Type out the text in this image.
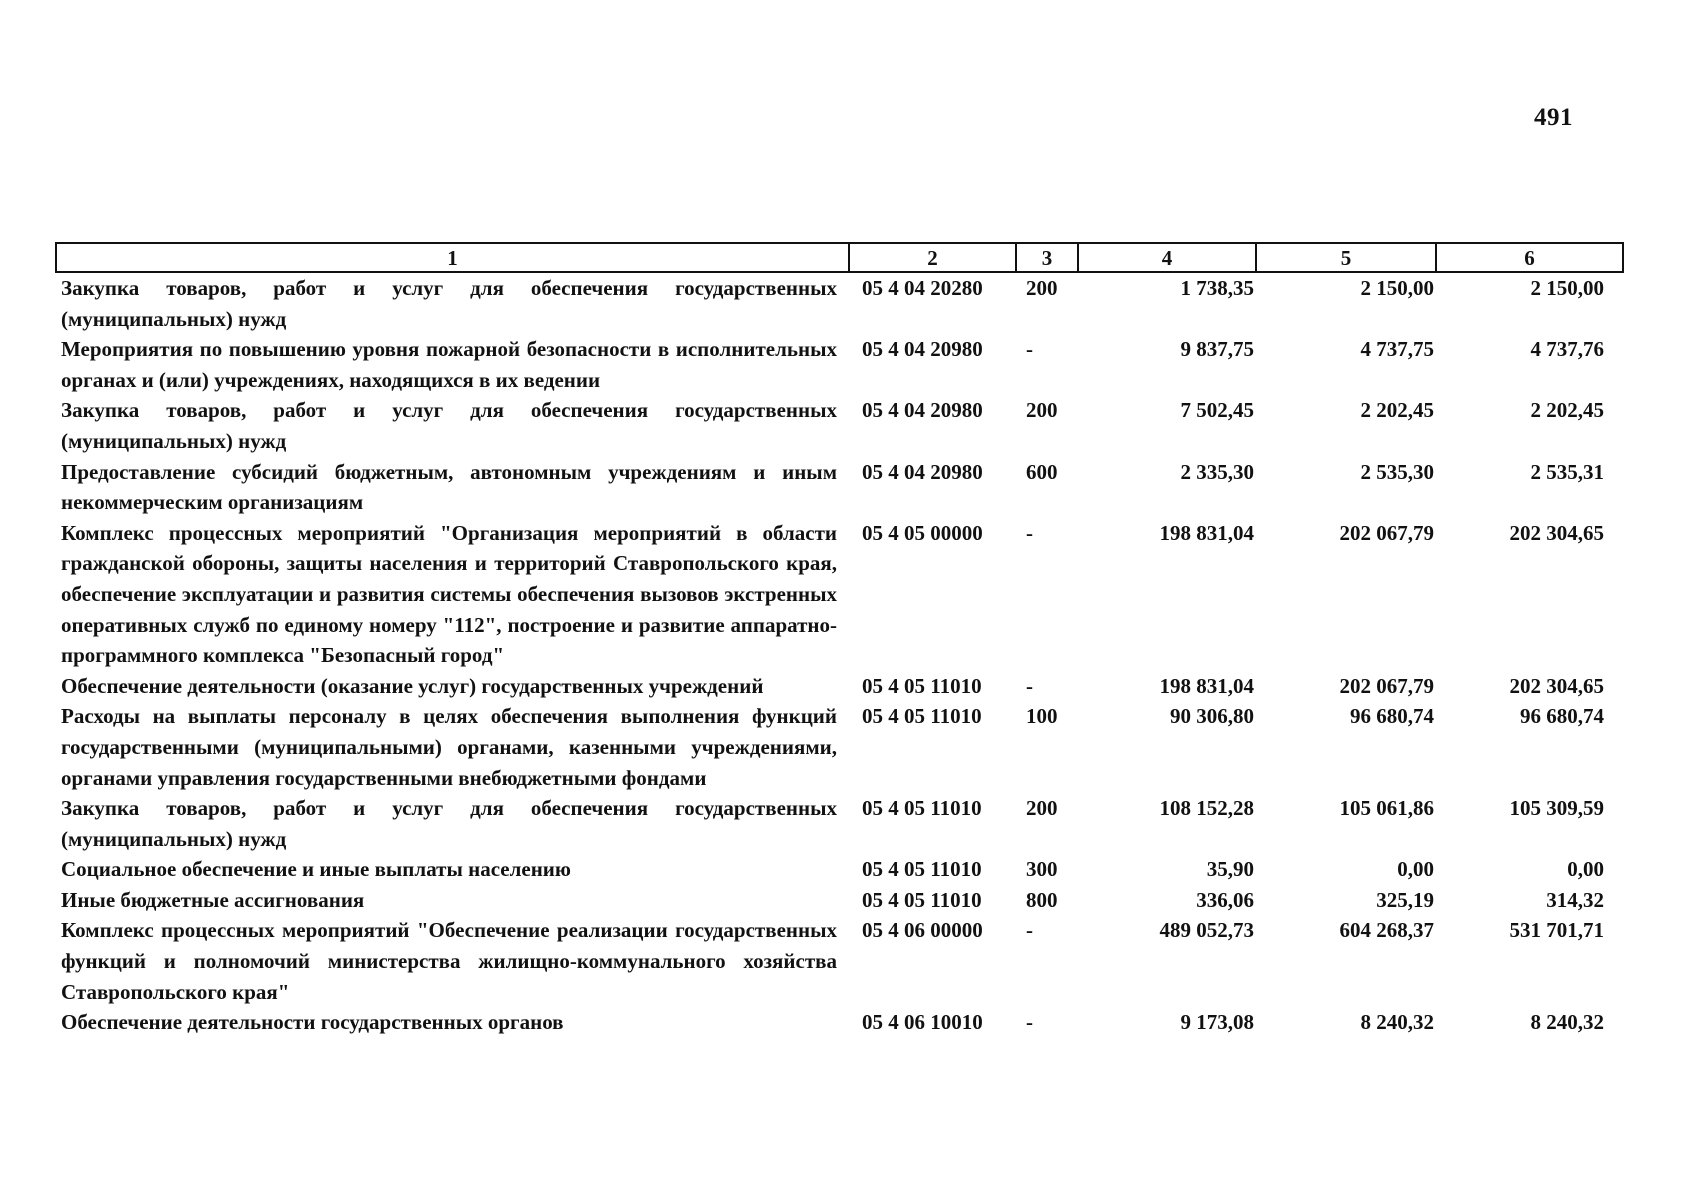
491
1	2	3	4	5	6
Закупка товаров, работ и услуг для обеспечения государственных (муниципальных) нужд	05 4 04 20280	200	1 738,35	2 150,00	2 150,00
Мероприятия по повышению уровня пожарной безопасности в исполнительных органах и (или) учреждениях, находящихся в их ведении	05 4 04 20980	-	9 837,75	4 737,75	4 737,76
Закупка товаров, работ и услуг для обеспечения государственных (муниципальных) нужд	05 4 04 20980	200	7 502,45	2 202,45	2 202,45
Предоставление субсидий бюджетным, автономным учреждениям и иным некоммерческим организациям	05 4 04 20980	600	2 335,30	2 535,30	2 535,31
Комплекс процессных мероприятий "Организация мероприятий в области гражданской обороны, защиты населения и территорий Ставропольского края, обеспечение эксплуатации и развития системы обеспечения вызовов экстренных оперативных служб по единому номеру "112", построение и развитие аппаратно-программного комплекса "Безопасный город"	05 4 05 00000	-	198 831,04	202 067,79	202 304,65
Обеспечение деятельности (оказание услуг) государственных учреждений	05 4 05 11010	-	198 831,04	202 067,79	202 304,65
Расходы на выплаты персоналу в целях обеспечения выполнения функций государственными (муниципальными) органами, казенными учреждениями, органами управления государственными внебюджетными фондами	05 4 05 11010	100	90 306,80	96 680,74	96 680,74
Закупка товаров, работ и услуг для обеспечения государственных (муниципальных) нужд	05 4 05 11010	200	108 152,28	105 061,86	105 309,59
Социальное обеспечение и иные выплаты населению	05 4 05 11010	300	35,90	0,00	0,00
Иные бюджетные ассигнования	05 4 05 11010	800	336,06	325,19	314,32
Комплекс процессных мероприятий "Обеспечение реализации государственных функций и полномочий министерства жилищно-коммунального хозяйства Ставропольского края"	05 4 06 00000	-	489 052,73	604 268,37	531 701,71
Обеспечение деятельности государственных органов	05 4 06 10010	-	9 173,08	8 240,32	8 240,32
